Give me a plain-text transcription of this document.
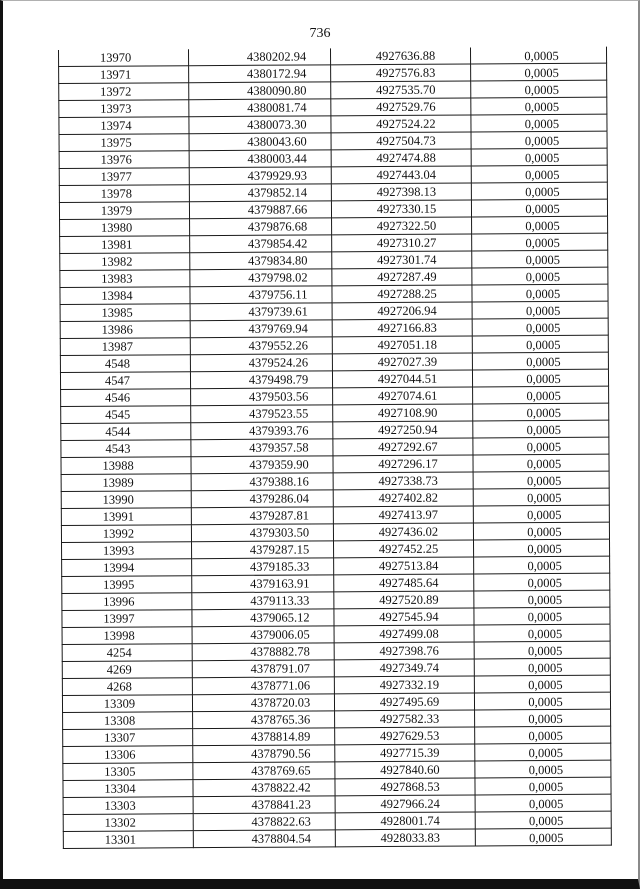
736
13970	4380202.94	4927636.88	0,0005
13971	4380172.94	4927576.83	0,0005
13972	4380090.80	4927535.70	0,0005
13973	4380081.74	4927529.76	0,0005
13974	4380073.30	4927524.22	0,0005
13975	4380043.60	4927504.73	0,0005
13976	4380003.44	4927474.88	0,0005
13977	4379929.93	4927443.04	0,0005
13978	4379852.14	4927398.13	0,0005
13979	4379887.66	4927330.15	0,0005
13980	4379876.68	4927322.50	0,0005
13981	4379854.42	4927310.27	0,0005
13982	4379834.80	4927301.74	0,0005
13983	4379798.02	4927287.49	0,0005
13984	4379756.11	4927288.25	0,0005
13985	4379739.61	4927206.94	0,0005
13986	4379769.94	4927166.83	0,0005
13987	4379552.26	4927051.18	0,0005
4548	4379524.26	4927027.39	0,0005
4547	4379498.79	4927044.51	0,0005
4546	4379503.56	4927074.61	0,0005
4545	4379523.55	4927108.90	0,0005
4544	4379393.76	4927250.94	0,0005
4543	4379357.58	4927292.67	0,0005
13988	4379359.90	4927296.17	0,0005
13989	4379388.16	4927338.73	0,0005
13990	4379286.04	4927402.82	0,0005
13991	4379287.81	4927413.97	0,0005
13992	4379303.50	4927436.02	0,0005
13993	4379287.15	4927452.25	0,0005
13994	4379185.33	4927513.84	0,0005
13995	4379163.91	4927485.64	0,0005
13996	4379113.33	4927520.89	0,0005
13997	4379065.12	4927545.94	0,0005
13998	4379006.05	4927499.08	0,0005
4254	4378882.78	4927398.76	0,0005
4269	4378791.07	4927349.74	0,0005
4268	4378771.06	4927332.19	0,0005
13309	4378720.03	4927495.69	0,0005
13308	4378765.36	4927582.33	0,0005
13307	4378814.89	4927629.53	0,0005
13306	4378790.56	4927715.39	0,0005
13305	4378769.65	4927840.60	0,0005
13304	4378822.42	4927868.53	0,0005
13303	4378841.23	4927966.24	0,0005
13302	4378822.63	4928001.74	0,0005
13301	4378804.54	4928033.83	0,0005
